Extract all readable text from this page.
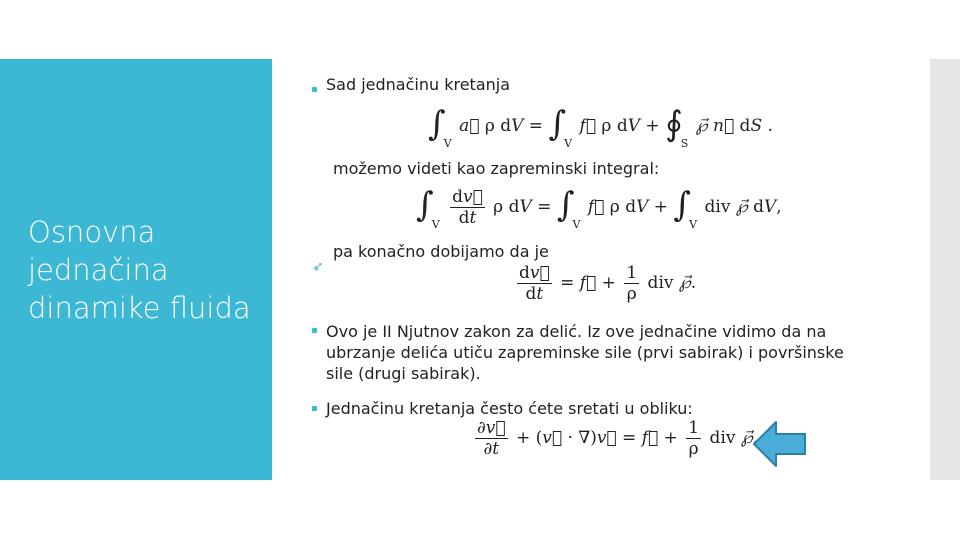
Osnovna jednačina dinamike fluida

Sad jednačinu kretanja

$\int_V$ a⃗ ρ dV = $\int_V$ f⃗ ρ dV + $∮_S$ ℘⃗ n⃗ dS .

možemo videti kao zapreminski integral:

$\int_V \frac{dv⃗}{dt}$ ρ dV = $\int_V$ f⃗ ρ dV + $\int_V$ div ℘⃗ dV,

pa konačno dobijamo da je

➶	$\frac{dv⃗}{dt}$ = f⃗ + $\frac{1}{\rho}$ div ℘⃗.

Ovo je II Njutnov zakon za delić. Iz ove jednačine vidimo da na ubrzanje delića utiču zapreminske sile (prvi sabirak) i površinske sile (drugi sabirak).

Jednačinu kretanja često ćete sretati u obliku:

$\frac{\partial v⃗}{\partial t}$ + (v⃗ · ∇)v⃗ = f⃗ + $\frac{1}{\rho}$ div ℘⃗.
